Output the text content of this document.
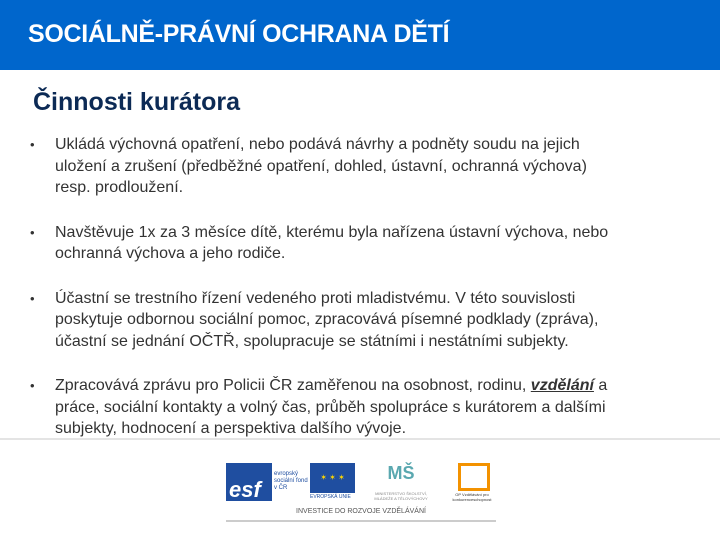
SOCIÁLNĚ-PRÁVNÍ OCHRANA DĚTÍ
Činnosti kurátora
• Ukládá výchovná opatření, nebo podává návrhy a podněty soudu na jejich
uložení a zrušení (předběžné opatření, dohled, ústavní, ochranná výchova)
resp. prodloužení.
• Navštěvuje 1x za 3 měsíce dítě, kterému byla nařízena ústavní výchova, nebo
ochranná výchova a jeho rodiče.
• Účastní se trestního řízení vedeného proti mladistvému. V této souvislosti
poskytuje odbornou sociální pomoc, zpracovává písemné podklady (zpráva),
účastní se jednání OČTŘ, spolupracuje se státními i nestátními subjekty.
• Zpracovává zprávu pro Policii ČR zaměřenou na osobnost, rodinu, vzdělání a
práce, sociální kontakty a volný čas, průběh spolupráce s kurátorem a dalšími
subjekty, hodnocení a perspektiva dalšího vývoje.
esf
evropský sociální fond v ČR
✶ ✶ ✶
EVROPSKÁ UNIE
MŠ
MINISTERSTVO ŠKOLSTVÍ, MLÁDEŽE A TĚLOVÝCHOVY
OP Vzdělávání pro konkurenceschopnost
INVESTICE DO ROZVOJE VZDĚLÁVÁNÍ
